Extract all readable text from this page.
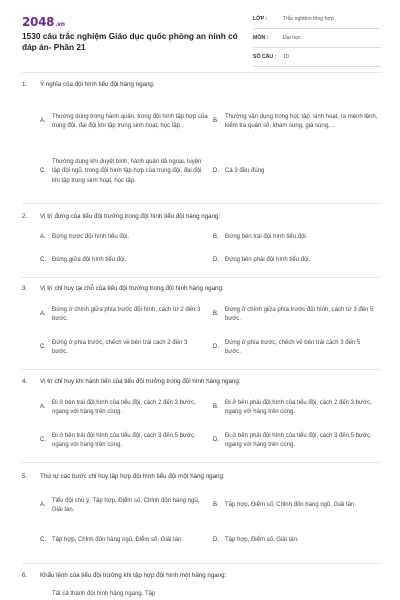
2048.vn
1530 câu trắc nghiệm Giáo dục quốc phòng an ninh có đáp án- Phần 21
LỚP :	Trắc nghiệm tổng hợp
MÔN :	Đại học
SỐ CÂU :	10
1.	Ý nghĩa của đội hình tiểu đội hàng ngang:
A.
Thường dùng trong hành quân, trong đội hình tập hợp của trung đội, đại đội khi tập trung sinh hoạt, học tập.
B.
Thường vận dụng trong học tập, sinh hoạt, ra mệnh lệnh, kiểm tra quân số, khám súng, giá súng,...
C.
Thường dùng khi duyệt binh, hành quân dã ngoại, luyện tập đội ngũ, trong đội hình tập hợp của trung đội, đại đội khi tập trung sinh hoạt, học tập.
D.	Cả 3 đều đúng
2.	Vị trí đứng của tiểu đội trưởng trong đội hình tiểu đội hàng ngang:
A.	Đứng trước đội hình tiểu đội.	B.	Đứng bên trái đội hình tiểu đội.
C.	Đứng giữa đội hình tiểu đội.	D.	Đứng bên phải đội hình tiểu đội.
3.	Vị trí chỉ huy tại chỗ của tiểu đội trưởng trong đội hình hàng ngang:
A.
Đứng ở chính giữa phía trước đội hình, cách từ 2 đến 3 bước.
B.
Đứng ở chính giữa phía trước đội hình, cách từ 3 đến 5 bước.
C.
Đứng ở phía trước, chếch về bên trái cách 2 đến 3 bước.
D.
Đứng ở phía trước, chếch về bên trái cách 3 đến 5 bước.
4.	Vị trí chỉ huy khi hành tiến của tiểu đội trưởng trong đội hình hàng ngang:
A.
Đi ở bên trái đội hình của tiểu đội, cách 2 đến 3 bước, ngang với hàng trên cùng.
B.
Đi ở bên phải đội hình của tiểu đội, cách 2 đến 3 bước, ngang với hàng trên cùng.
C.
Đi ở bên trái đội hình của tiểu đội, cách 3 đến 5 bước, ngang với hàng trên cùng.
D.
Đi ở bên phải đội hình của tiểu đội, cách 3 đến 5 bước, ngang với hàng trên cùng.
5.	Thứ tự các bước chỉ huy tập hợp đội hình tiểu đội một hàng ngang:
A.
Tiểu đội chú ý, Tập hợp, Điểm số, Chỉnh đốn hàng ngũ, Giải tán.
B.	Tập hợp, Điểm số, Chỉnh đốn hàng ngũ, Giải tán.
C.	Tập hợp, Chỉnh đốn hàng ngũ, Điểm số, Giải tán.	D.	Tập hợp, Điểm số, Giải tán.
6.	Khẩu lệnh của tiểu đội trưởng khi tập hợp đội hình một hàng ngang:
Tất cả thành đội hình hàng ngang, Tập
